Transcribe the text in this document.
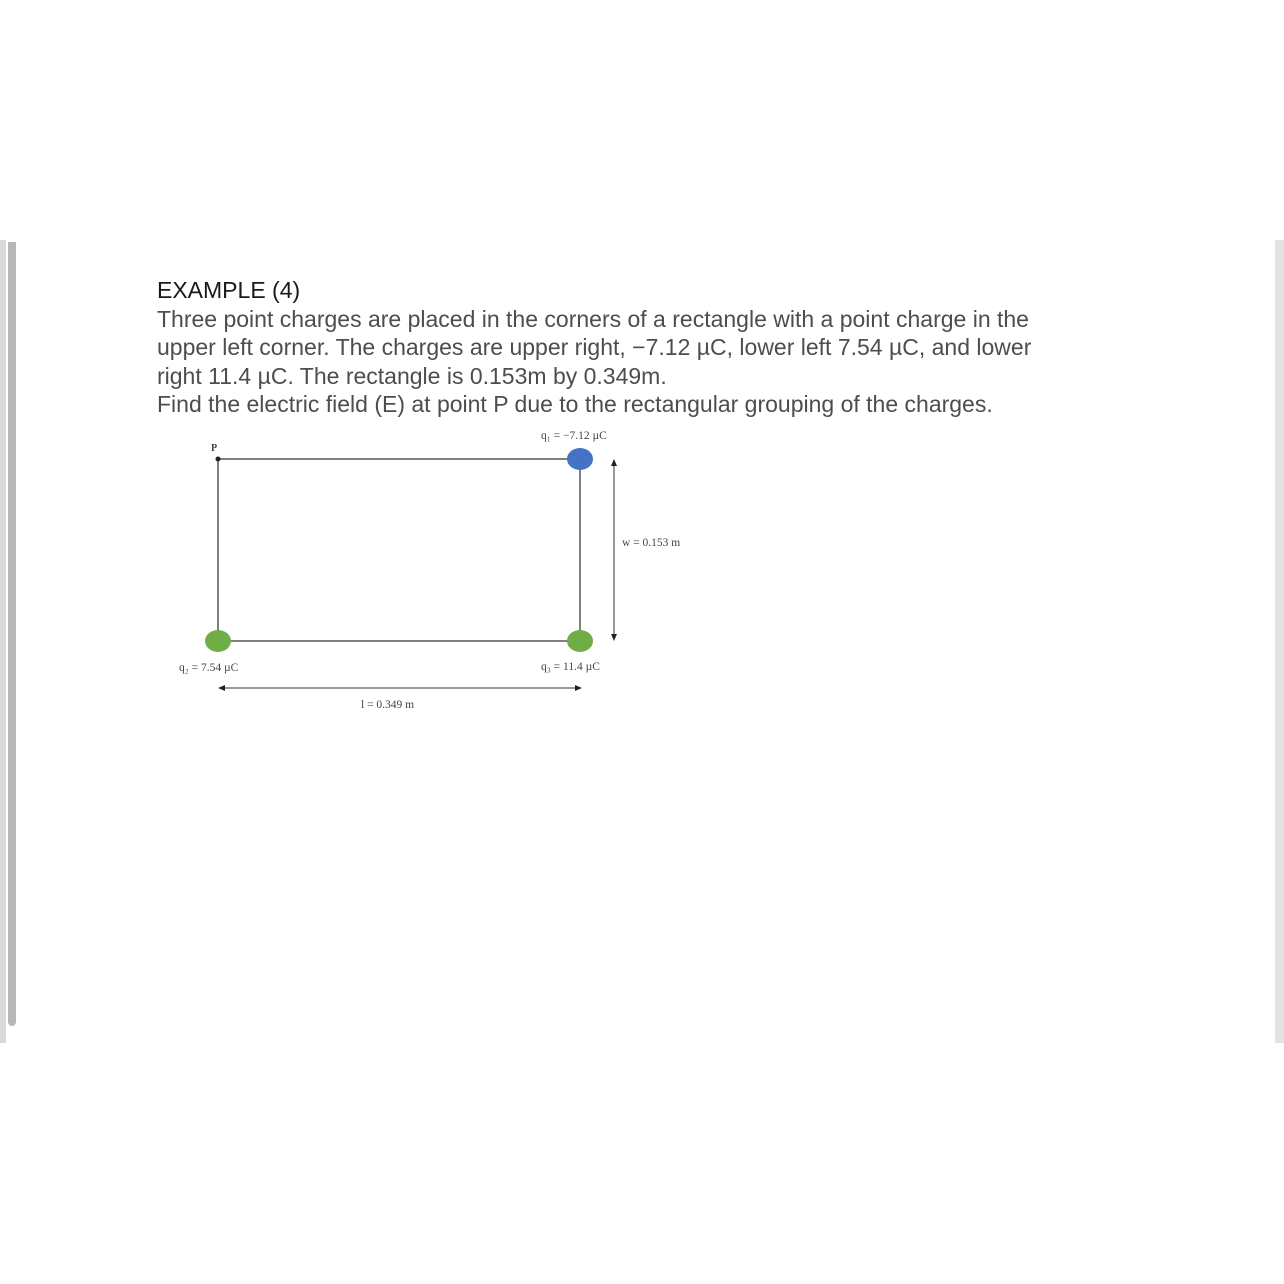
EXAMPLE (4)
Three point charges are placed in the corners of a rectangle with a point charge in the
upper left corner. The charges are upper right, −7.12 µC, lower left 7.54 µC, and lower
right 11.4 µC. The rectangle is 0.153m by 0.349m.
Find the electric field (E) at point P due to the rectangular grouping of the charges.
P
q₁ = −7.12 µC
q₂ = 7.54 µC	q₃ = 11.4 µC
w = 0.153 m
l = 0.349 m
